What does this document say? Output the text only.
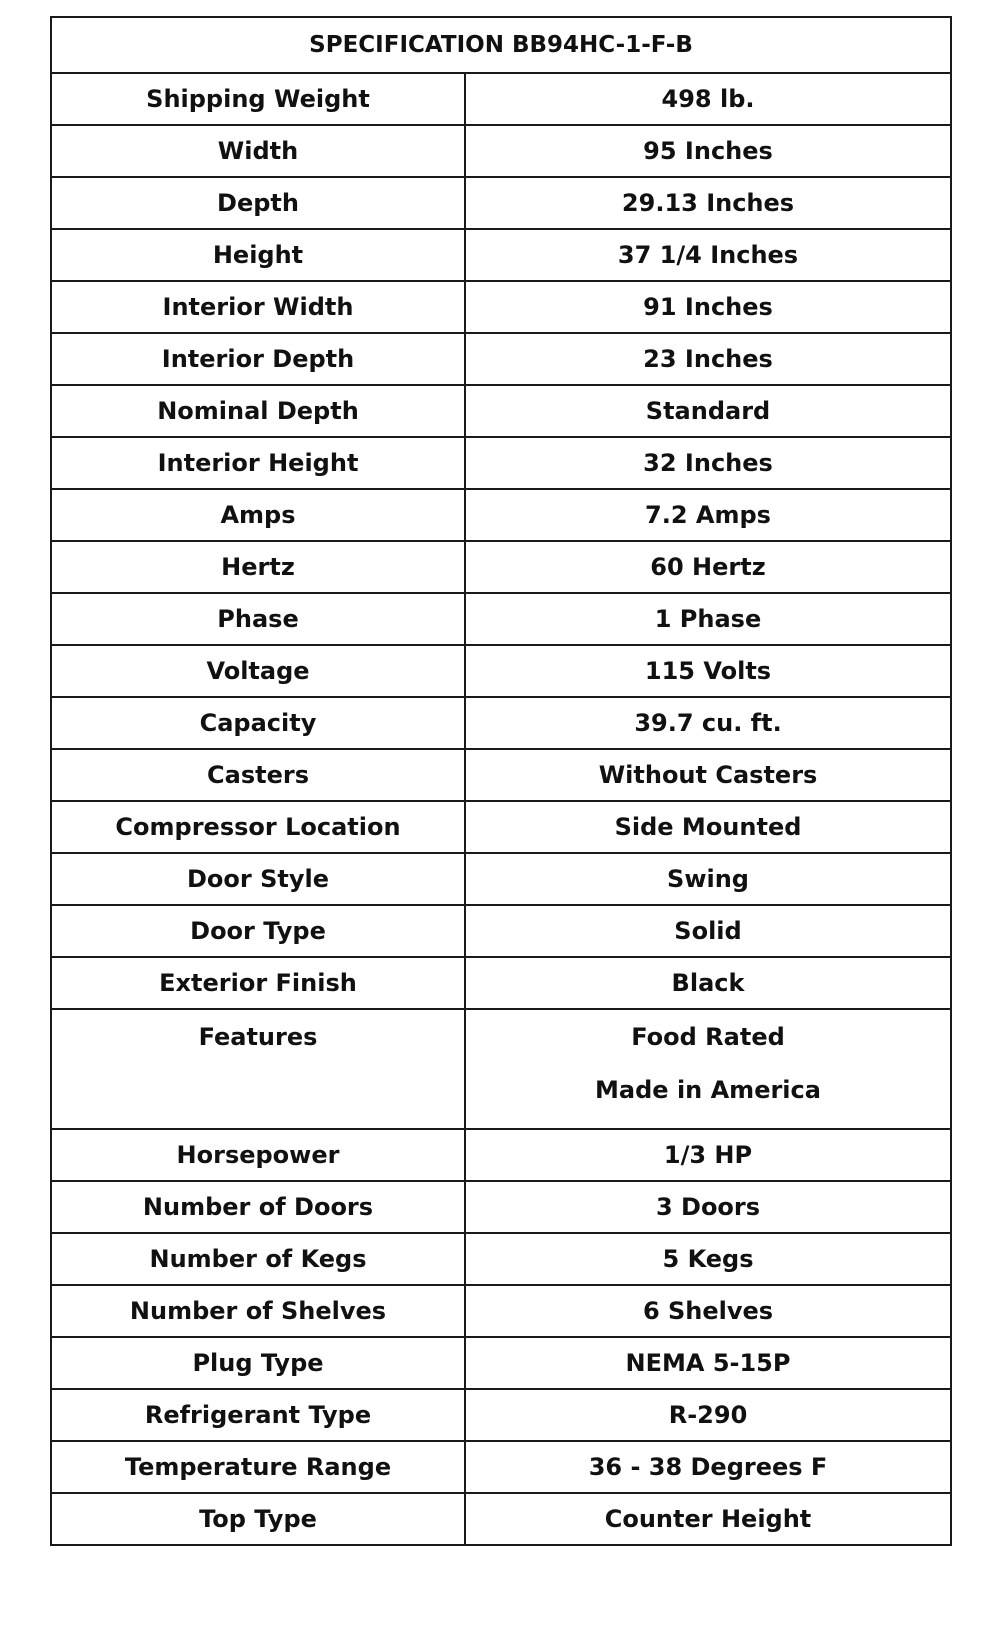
SPECIFICATION BB94HC-1-F-B	
Shipping Weight	498 lb.
Width	95 Inches
Depth	29.13 Inches
Height	37 1/4 Inches
Interior Width	91 Inches
Interior Depth	23 Inches
Nominal Depth	Standard
Interior Height	32 Inches
Amps	7.2 Amps
Hertz	60 Hertz
Phase	1 Phase
Voltage	115 Volts
Capacity	39.7 cu. ft.
Casters	Without Casters
Compressor Location	Side Mounted
Door Style	Swing
Door Type	Solid
Exterior Finish	Black

Features	Food Rated
Made in America

Horsepower	1/3 HP
Number of Doors	3 Doors
Number of Kegs	5 Kegs
Number of Shelves	6 Shelves
Plug Type	NEMA 5-15P
Refrigerant Type	R-290
Temperature Range	36 - 38 Degrees F
Top Type	Counter Height
